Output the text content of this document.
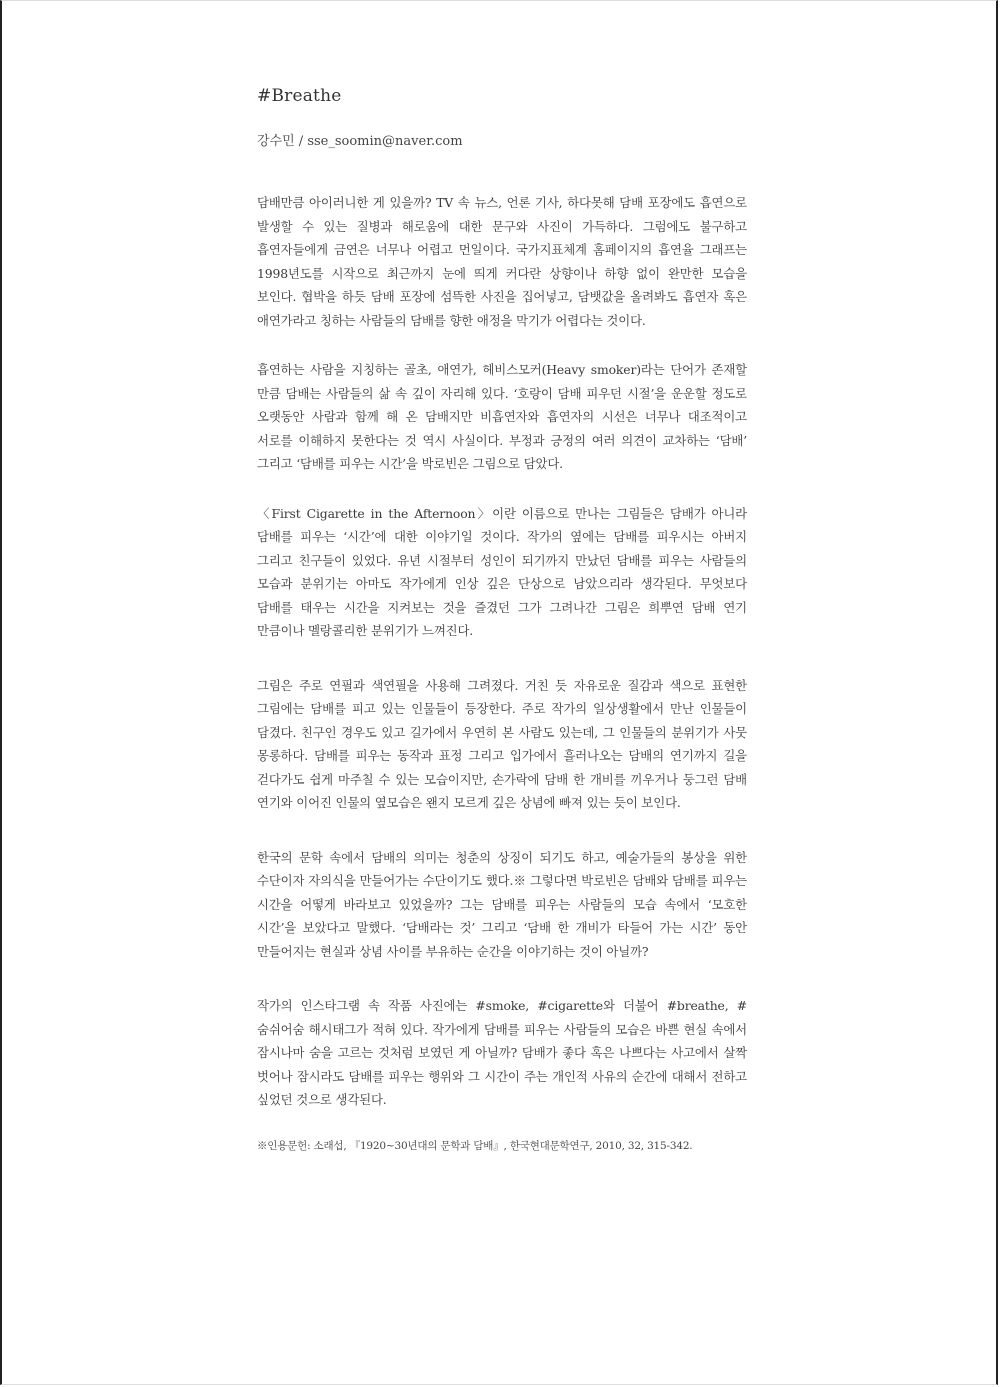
#Breathe
강수민 / sse_soomin@naver.com

담배만큼 아이러니한 게 있을까? TV 속 뉴스, 언론 기사, 하다못해 담배 포장에도 흡연으로 발생할 수 있는 질병과 해로움에 대한 문구와 사진이 가득하다. 그럼에도 불구하고 흡연자들에게 금연은 너무나 어렵고 먼일이다. 국가지표체계 홈페이지의 흡연율 그래프는 1998년도를 시작으로 최근까지 눈에 띄게 커다란 상향이나 하향 없이 완만한 모습을 보인다. 협박을 하듯 담배 포장에 섬뜩한 사진을 집어넣고, 담뱃값을 올려봐도 흡연자 혹은 애연가라고 칭하는 사람들의 담배를 향한 애정을 막기가 어렵다는 것이다.

흡연하는 사람을 지칭하는 골초, 애연가, 헤비스모커(Heavy smoker)라는 단어가 존재할 만큼 담배는 사람들의 삶 속 깊이 자리해 있다. ‘호랑이 담배 피우던 시절’을 운운할 정도로 오랫동안 사람과 함께 해 온 담배지만 비흡연자와 흡연자의 시선은 너무나 대조적이고 서로를 이해하지 못한다는 것 역시 사실이다. 부정과 긍정의 여러 의견이 교차하는 ‘담배’ 그리고 ‘담배를 피우는 시간’을 박로빈은 그림으로 담았다.

〈First Cigarette in the Afternoon〉이란 이름으로 만나는 그림들은 담배가 아니라 담배를 피우는 ‘시간’에 대한 이야기일 것이다. 작가의 옆에는 담배를 피우시는 아버지 그리고 친구들이 있었다. 유년 시절부터 성인이 되기까지 만났던 담배를 피우는 사람들의 모습과 분위기는 아마도 작가에게 인상 깊은 단상으로 남았으리라 생각된다. 무엇보다 담배를 태우는 시간을 지켜보는 것을 즐겼던 그가 그려나간 그림은 희뿌연 담배 연기 만큼이나 멜랑콜리한 분위기가 느껴진다.

그림은 주로 연필과 색연필을 사용해 그려졌다. 거친 듯 자유로운 질감과 색으로 표현한 그림에는 담배를 피고 있는 인물들이 등장한다. 주로 작가의 일상생활에서 만난 인물들이 담겼다. 친구인 경우도 있고 길가에서 우연히 본 사람도 있는데, 그 인물들의 분위기가 사뭇 몽롱하다. 담배를 피우는 동작과 표정 그리고 입가에서 흘러나오는 담배의 연기까지 길을 걷다가도 쉽게 마주칠 수 있는 모습이지만, 손가락에 담배 한 개비를 끼우거나 둥그런 담배 연기와 이어진 인물의 옆모습은 왠지 모르게 깊은 상념에 빠져 있는 듯이 보인다.

한국의 문학 속에서 담배의 의미는 청춘의 상징이 되기도 하고, 예술가들의 봉상을 위한 수단이자 자의식을 만들어가는 수단이기도 했다.※ 그렇다면 박로빈은 담배와 담배를 피우는 시간을 어떻게 바라보고 있었을까? 그는 담배를 피우는 사람들의 모습 속에서 ‘모호한 시간’을 보았다고 말했다. ‘담배라는 것’ 그리고 ‘담배 한 개비가 타들어 가는 시간’ 동안 만들어지는 현실과 상념 사이를 부유하는 순간을 이야기하는 것이 아닐까?

작가의 인스타그램 속 작품 사진에는 #smoke, #cigarette와 더불어 #breathe, #숨쉬어숨 해시태그가 적혀 있다. 작가에게 담배를 피우는 사람들의 모습은 바쁜 현실 속에서 잠시나마 숨을 고르는 것처럼 보였던 게 아닐까? 담배가 좋다 혹은 나쁘다는 사고에서 살짝 벗어나 잠시라도 담배를 피우는 행위와 그 시간이 주는 개인적 사유의 순간에 대해서 전하고 싶었던 것으로 생각된다.

※인용문헌: 소래섭, 『1920~30년대의 문학과 담배』, 한국현대문학연구, 2010, 32, 315-342.
